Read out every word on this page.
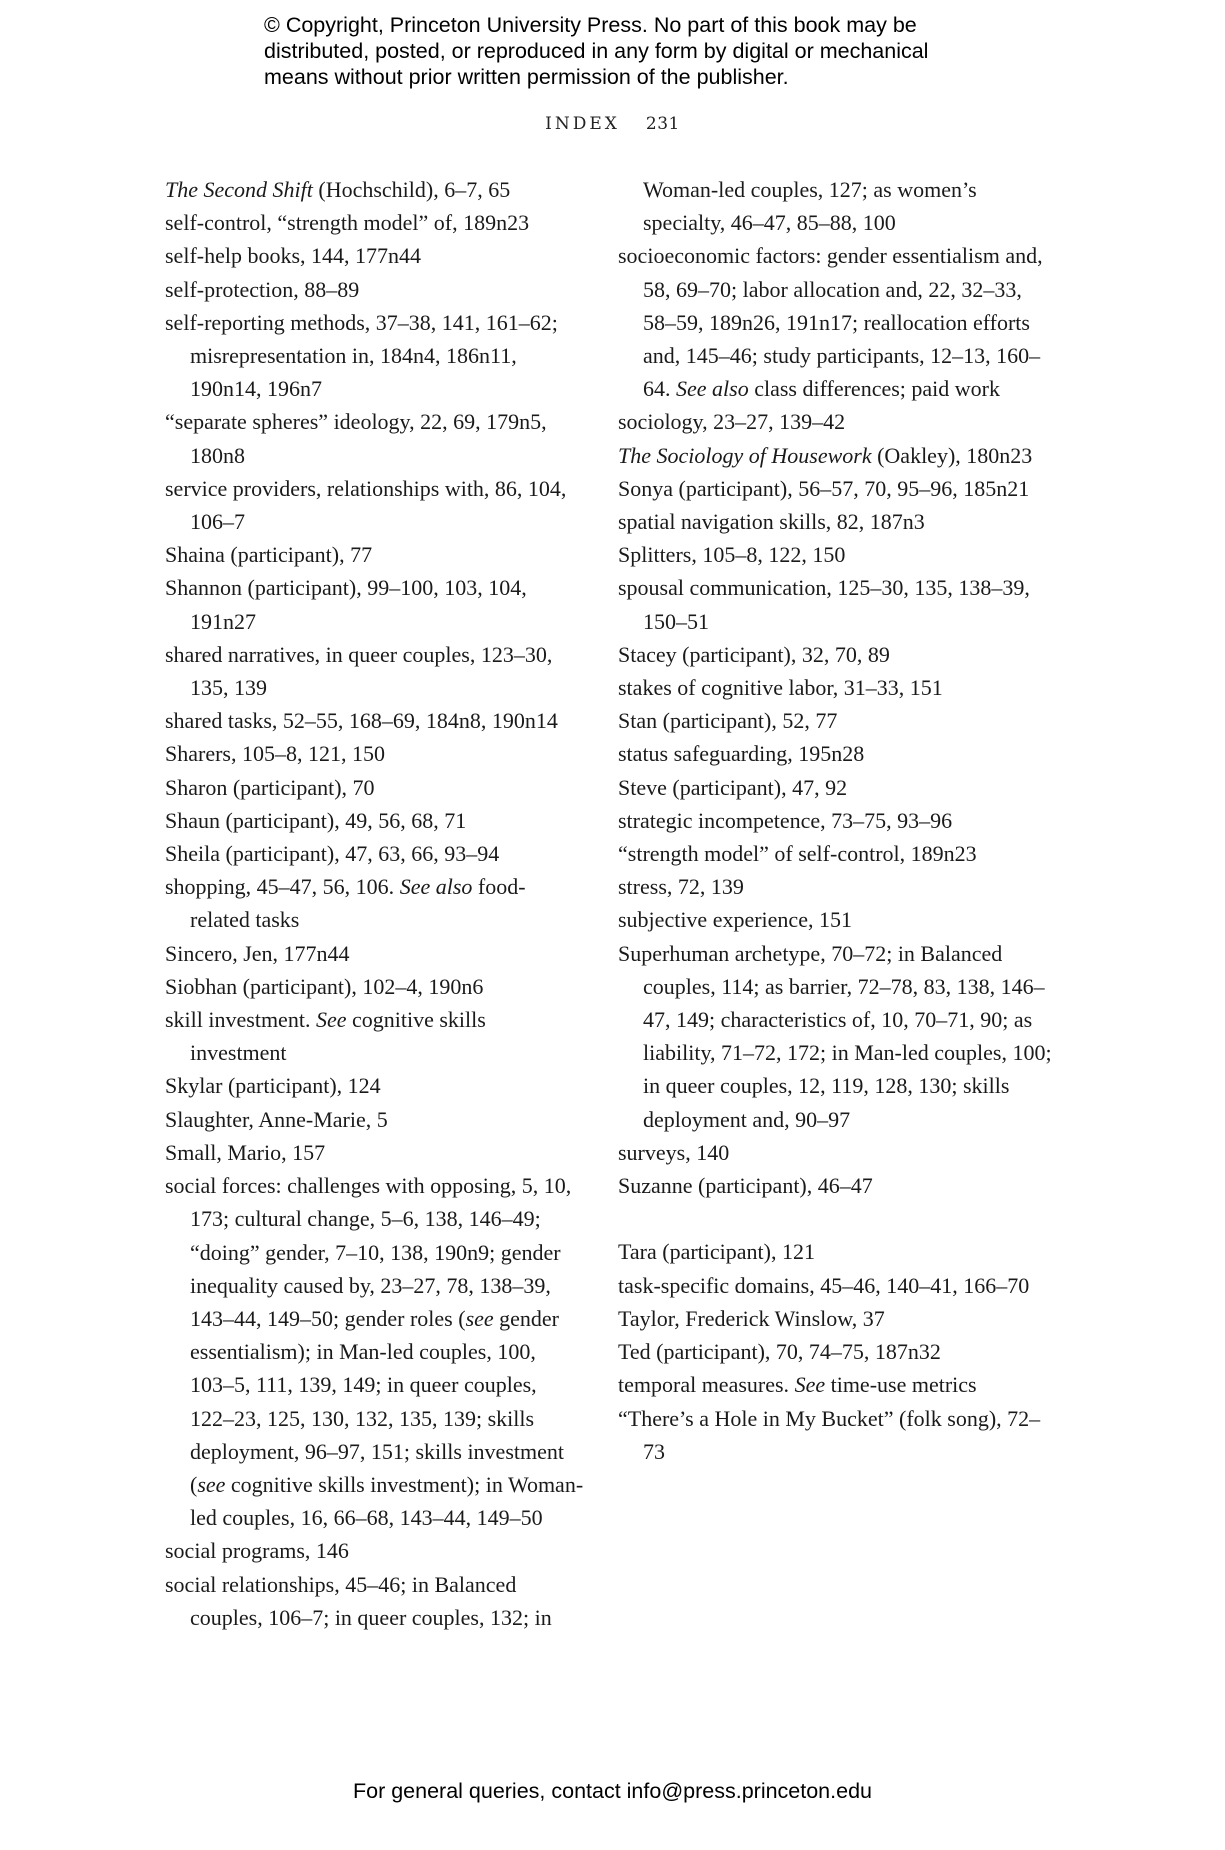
© Copyright, Princeton University Press. No part of this book may be
distributed, posted, or reproduced in any form by digital or mechanical
means without prior written permission of the publisher.
INDEX 231
The Second Shift (Hochschild), 6–7, 65
self-control, “strength model” of, 189n23
self-help books, 144, 177n44
self-protection, 88–89
self-reporting methods, 37–38, 141, 161–62; misrepresentation in, 184n4, 186n11, 190n14, 196n7
“separate spheres” ideology, 22, 69, 179n5, 180n8
service providers, relationships with, 86, 104, 106–7
Shaina (participant), 77
Shannon (participant), 99–100, 103, 104, 191n27
shared narratives, in queer couples, 123–30, 135, 139
shared tasks, 52–55, 168–69, 184n8, 190n14
Sharers, 105–8, 121, 150
Sharon (participant), 70
Shaun (participant), 49, 56, 68, 71
Sheila (participant), 47, 63, 66, 93–94
shopping, 45–47, 56, 106. See also food-related tasks
Sincero, Jen, 177n44
Siobhan (participant), 102–4, 190n6
skill investment. See cognitive skills investment
Skylar (participant), 124
Slaughter, Anne-Marie, 5
Small, Mario, 157
social forces: challenges with opposing, 5, 10, 173; cultural change, 5–6, 138, 146–49; “doing” gender, 7–10, 138, 190n9; gender inequality caused by, 23–27, 78, 138–39, 143–44, 149–50; gender roles (see gender essentialism); in Man-led couples, 100, 103–5, 111, 139, 149; in queer couples, 122–23, 125, 130, 132, 135, 139; skills deployment, 96–97, 151; skills investment (see cognitive skills investment); in Woman-led couples, 16, 66–68, 143–44, 149–50
social programs, 146
social relationships, 45–46; in Balanced couples, 106–7; in queer couples, 132; in
Woman-led couples, 127; as women’s specialty, 46–47, 85–88, 100
socioeconomic factors: gender essentialism and, 58, 69–70; labor allocation and, 22, 32–33, 58–59, 189n26, 191n17; reallocation efforts and, 145–46; study participants, 12–13, 160–64. See also class differences; paid work
sociology, 23–27, 139–42
The Sociology of Housework (Oakley), 180n23
Sonya (participant), 56–57, 70, 95–96, 185n21
spatial navigation skills, 82, 187n3
Splitters, 105–8, 122, 150
spousal communication, 125–30, 135, 138–39, 150–51
Stacey (participant), 32, 70, 89
stakes of cognitive labor, 31–33, 151
Stan (participant), 52, 77
status safeguarding, 195n28
Steve (participant), 47, 92
strategic incompetence, 73–75, 93–96
“strength model” of self-control, 189n23
stress, 72, 139
subjective experience, 151
Superhuman archetype, 70–72; in Balanced couples, 114; as barrier, 72–78, 83, 138, 146–47, 149; characteristics of, 10, 70–71, 90; as liability, 71–72, 172; in Man-led couples, 100; in queer couples, 12, 119, 128, 130; skills deployment and, 90–97
surveys, 140
Suzanne (participant), 46–47
Tara (participant), 121
task-specific domains, 45–46, 140–41, 166–70
Taylor, Frederick Winslow, 37
Ted (participant), 70, 74–75, 187n32
temporal measures. See time-use metrics
“There’s a Hole in My Bucket” (folk song), 72–73
For general queries, contact info@press.princeton.edu
